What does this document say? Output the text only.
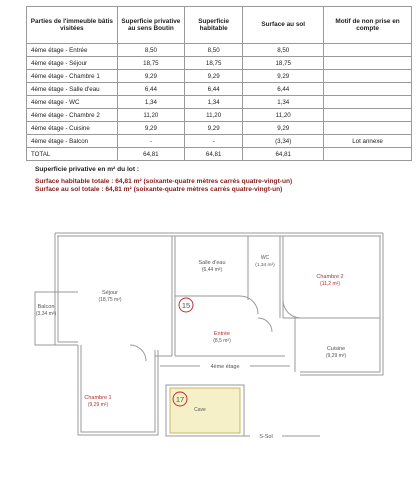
Parties de l'immeuble bâtis visitées	Superficie privative au sens Boutin	Superficie habitable	Surface au sol	Motif de non prise en compte
4ème étage - Entrée	8,50	8,50	8,50	
4ème étage - Séjour	18,75	18,75	18,75	
4ème étage - Chambre 1	9,29	9,29	9,29	
4ème étage - Salle d'eau	6,44	6,44	6,44	
4ème étage - WC	1,34	1,34	1,34	
4ème étage - Chambre 2	11,20	11,20	11,20	
4ème étage - Cuisine	9,29	9,29	9,29	
4ème étage - Balcon	-	-	(3,34)	Lot annexe
TOTAL	64,81	64,81	64,81	
Superficie privative en m² du lot :
Surface habitable totale : 64,81 m² (soixante-quatre mètres carrés quatre-vingt-un)
Surface au sol totale : 64,81 m² (soixante-quatre mètres carrés quatre-vingt-un)
15
17
Séjour
(18,75 m²)
Balcon
(3,34 m²)
Salle d'eau
(6,44 m²)
WC
(1,34 m²)
Chambre 2
(11,2 m²)
Entrée
(8,5 m²)
Cuisine
(9,29 m²)
Chambre 1
(9,29 m²)
Cave
4ème étage
S-Sol
